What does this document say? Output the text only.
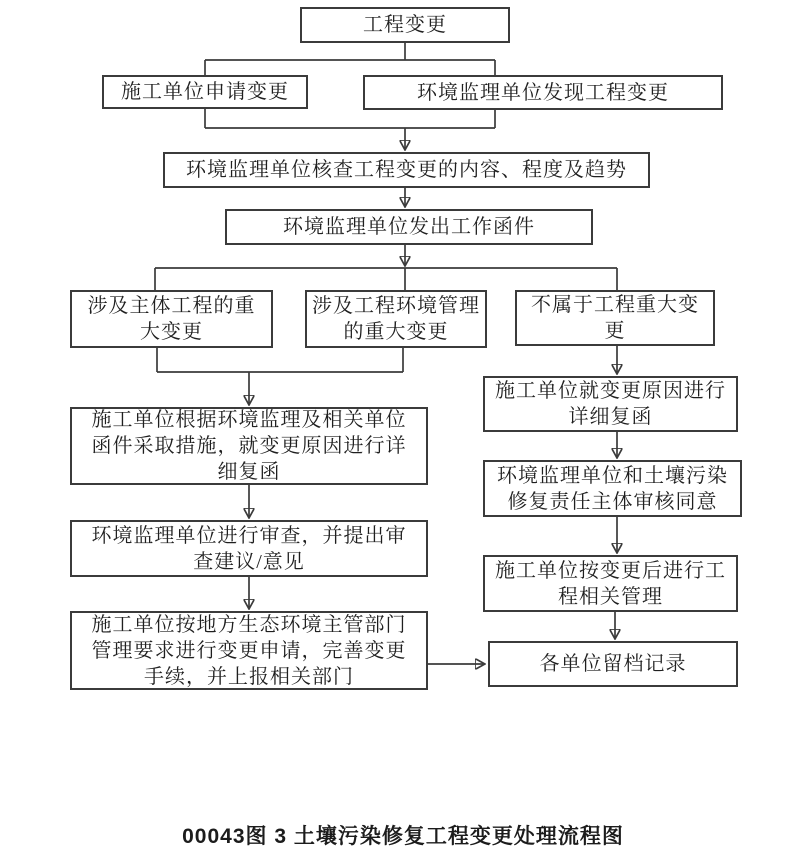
工程变更
施工单位申请变更	环境监理单位发现工程变更
环境监理单位核查工程变更的内容、程度及趋势
环境监理单位发出工作函件
涉及主体工程的重大变更
涉及工程环境管理的重大变更
不属于工程重大变更
施工单位根据环境监理及相关单位函件采取措施，就变更原因进行详细复函
环境监理单位进行审查，并提出审查建议/意见
施工单位按地方生态环境主管部门管理要求进行变更申请，完善变更手续，并上报相关部门
施工单位就变更原因进行详细复函
环境监理单位和土壤污染修复责任主体审核同意
施工单位按变更后进行工程相关管理
各单位留档记录
00043图 3 土壤污染修复工程变更处理流程图
